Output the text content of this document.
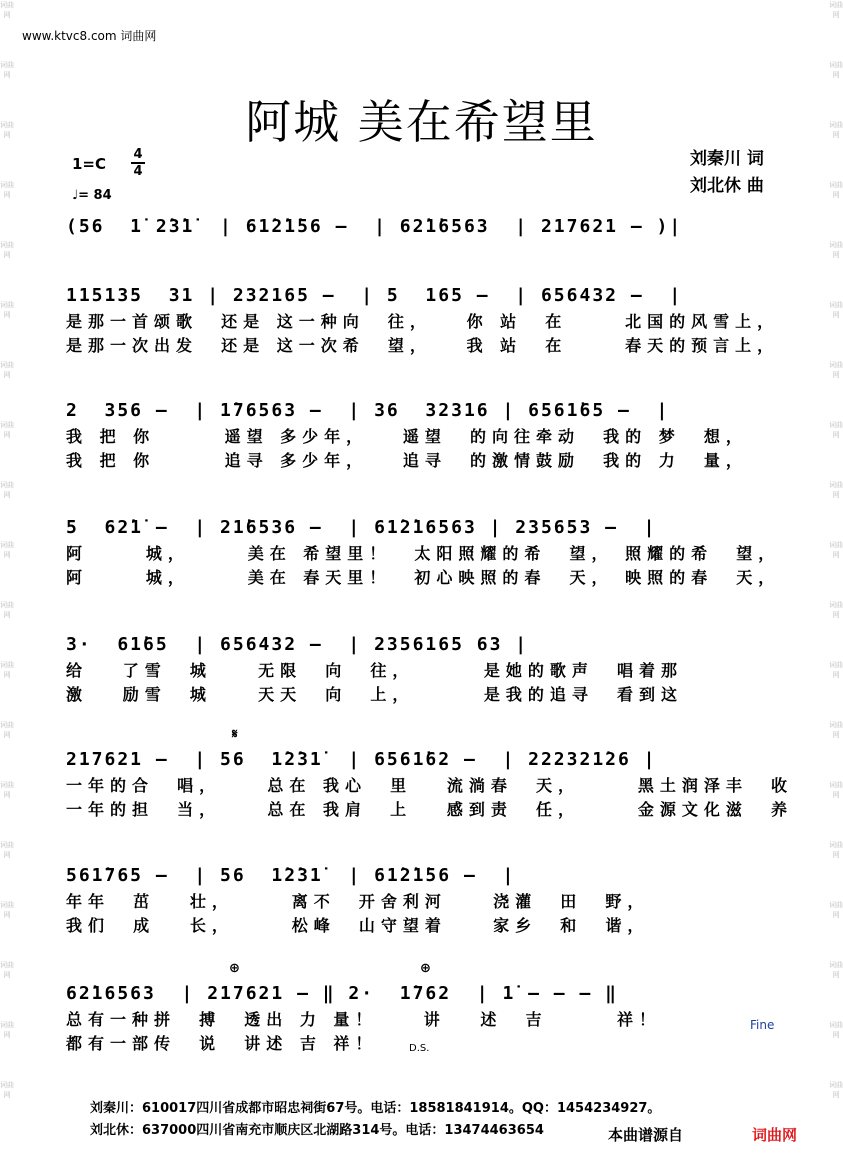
词曲网
词曲网
词曲网
词曲网
词曲网
词曲网
词曲网
词曲网
词曲网
词曲网
词曲网
词曲网
词曲网
词曲网
词曲网
词曲网
词曲网
词曲网
词曲网
词曲网
词曲网
词曲网
词曲网
词曲网
词曲网
词曲网
词曲网
词曲网
词曲网
词曲网
词曲网
词曲网
词曲网
词曲网
词曲网
词曲网
词曲网
词曲网
www.ktvc8.com 词曲网
阿城 美在希望里
1=C
4
4
♩= 84
刘秦川 词
刘北休 曲
(56  1̇ 2̇3̇1̇  | 61̇2̇1̇56 –  | 62̇1̇6563  | 217621 – )|
115135  31 | 232165 –  | 5  165 –  | 656432 –  |
是那一首颂歌  还是 这一种向  往，   你 站  在     北国的风雪上，
是那一次出发  还是 这一次希  望，   我 站  在     春天的预言上，
2  356 –  | 1̇76563 –  | 36  32316 | 6561̇65 –  |
我 把 你      遥望 多少年，   遥望  的向往牵动  我的 梦  想，
我 把 你      追寻 多少年，   追寻  的激情鼓励  我的 力  量，
5  62̇1̇ –  | 21̇6536 –  | 61̇2̇16563 | 235653 –  |
阿     城，     美在 希望里！  太阳照耀的希  望， 照耀的希  望，
阿     城，     美在 春天里！  初心映照的春  天， 映照的春  天，
3·  61̇65  | 656432 –  | 2356165 63 |
给   了雪  城    无限  向  往，      是她的歌声  唱着那
激   励雪  城    天天  向  上，      是我的追寻  看到这
𝄋
217621 –  | 56  1̇2̇31̇  | 6561̇62 –  | 222321̇26 |
一年的合  唱，    总在 我心  里   流淌春  天，     黑土润泽丰  收
一年的担  当，    总在 我肩  上   感到责  任，     金源文化滋  养
561̇765 –  | 56  1̇2̇31̇  | 61̇2̇1̇56 –  |
年年  茁   壮，     离不  开舍利河    浇灌  田  野，
我们  成   长，     松峰  山守望着    家乡  和  谐，
⊕	⊕
62̇16563  | 217621 – ‖ 2·  1̇762  | 1̇ – – – ‖
总有一种拼  搏  透出 力 量！    讲   述  吉      祥！
都有一部传  说  讲述 吉 祥！
Fine
D.S.
刘秦川：610017四川省成都市昭忠祠街67号。电话：18581841914。QQ：1454234927。
刘北休：637000四川省南充市顺庆区北湖路314号。电话：13474463654	本曲谱源自	词曲网
